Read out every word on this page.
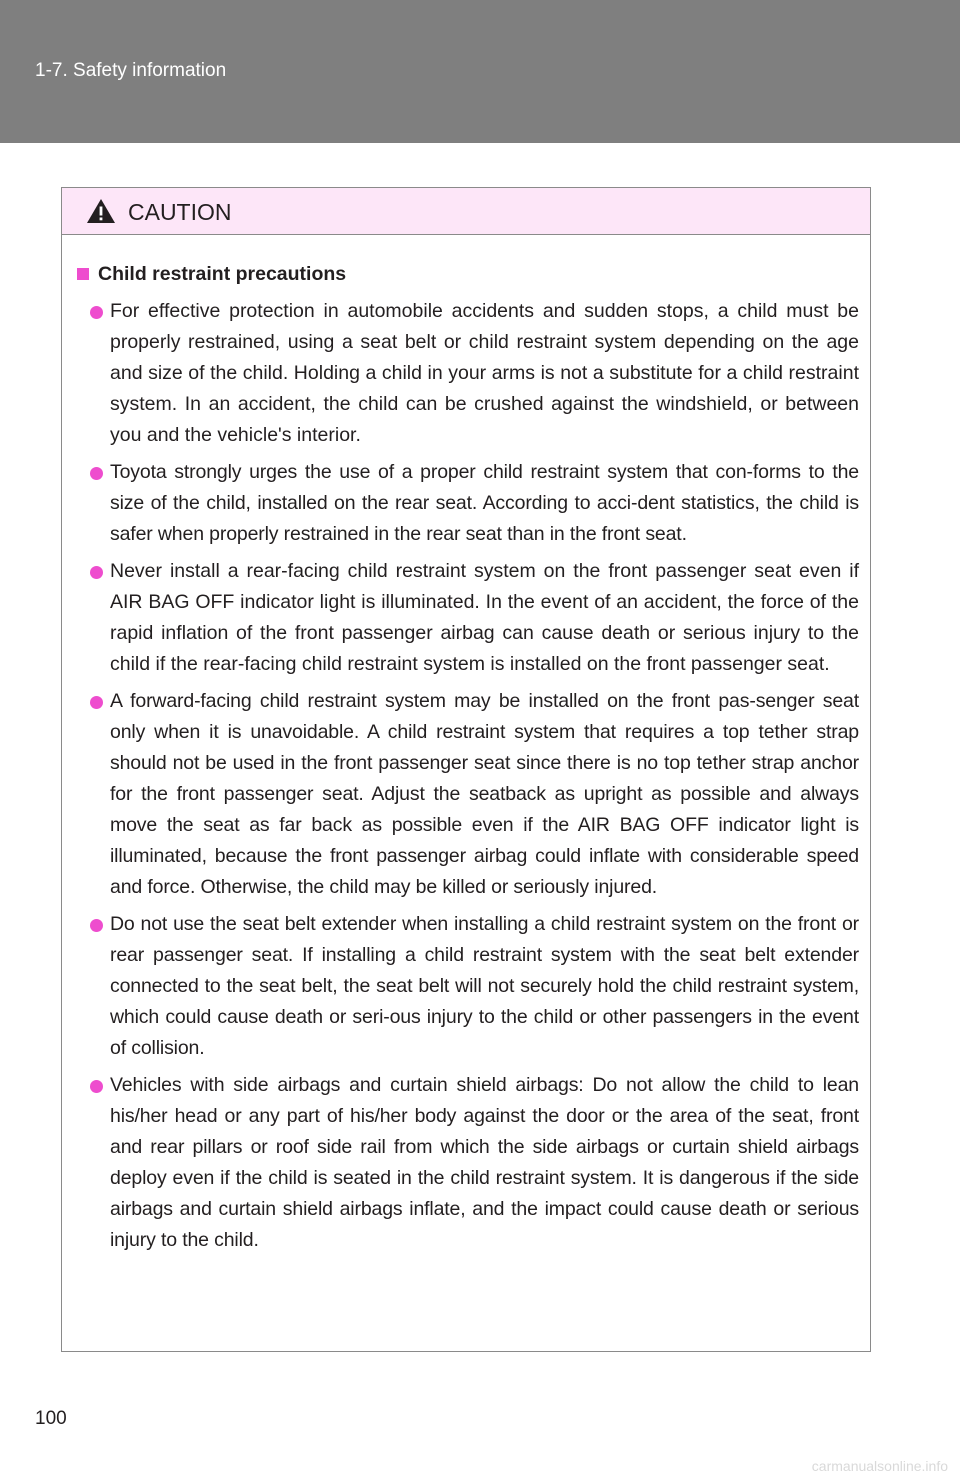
1-7. Safety information
CAUTION
Child restraint precautions
For effective protection in automobile accidents and sudden stops, a child must be properly restrained, using a seat belt or child restraint system depending on the age and size of the child. Holding a child in your arms is not a substitute for a child restraint system. In an accident, the child can be crushed against the windshield, or between you and the vehicle's interior.
Toyota strongly urges the use of a proper child restraint system that con-forms to the size of the child, installed on the rear seat. According to acci-dent statistics, the child is safer when properly restrained in the rear seat than in the front seat.
Never install a rear-facing child restraint system on the front passenger seat even if AIR BAG OFF indicator light is illuminated. In the event of an accident, the force of the rapid inflation of the front passenger airbag can cause death or serious injury to the child if the rear-facing child restraint system is installed on the front passenger seat.
A forward-facing child restraint system may be installed on the front pas-senger seat only when it is unavoidable. A child restraint system that requires a top tether strap should not be used in the front passenger seat since there is no top tether strap anchor for the front passenger seat. Adjust the seatback as upright as possible and always move the seat as far back as possible even if the AIR BAG OFF indicator light is illuminated, because the front passenger airbag could inflate with considerable speed and force. Otherwise, the child may be killed or seriously injured.
Do not use the seat belt extender when installing a child restraint system on the front or rear passenger seat. If installing a child restraint system with the seat belt extender connected to the seat belt, the seat belt will not securely hold the child restraint system, which could cause death or seri-ous injury to the child or other passengers in the event of collision.
Vehicles with side airbags and curtain shield airbags: Do not allow the child to lean his/her head or any part of his/her body against the door or the area of the seat, front and rear pillars or roof side rail from which the side airbags or curtain shield airbags deploy even if the child is seated in the child restraint system. It is dangerous if the side airbags and curtain shield airbags inflate, and the impact could cause death or serious injury to the child.
100
carmanualsonline.info
